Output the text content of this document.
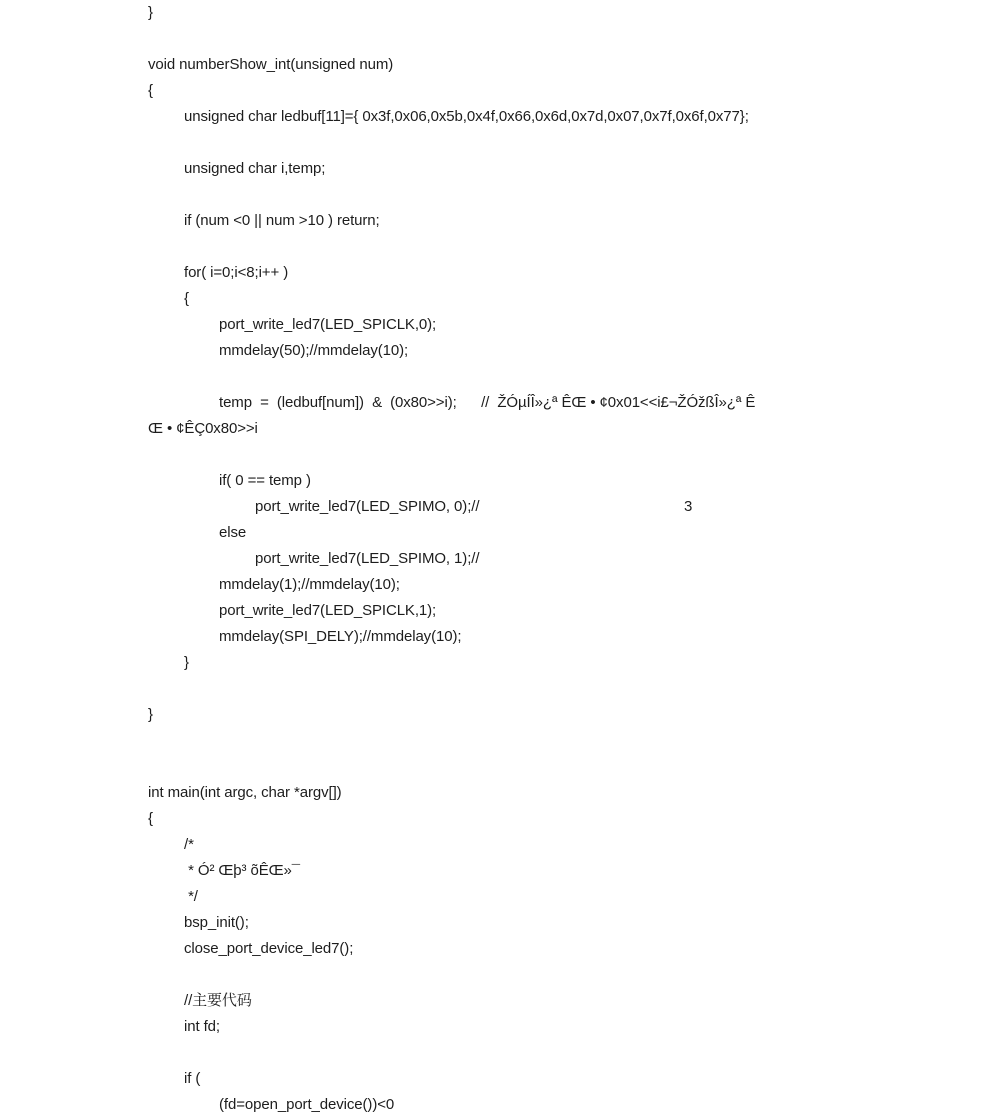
}
void numberShow_int(unsigned num)
{
unsigned char ledbuf[11]={ 0x3f,0x06,0x5b,0x4f,0x66,0x6d,0x7d,0x07,0x7f,0x6f,0x77};
unsigned char i,temp;
if (num <0 || num >10 ) return;
for( i=0;i<8;i++ )
{
port_write_led7(LED_SPICLK,0);
mmdelay(50);//mmdelay(10);
temp  =  (ledbuf[num])  &  (0x80>>i);      //  ŽÓµÍÎ»¿ª ÊŒ • ¢0x01<<i£¬ŽÓžßÎ»¿ª Ê
Œ • ¢ÊÇ0x80>>i
if( 0 == temp )
port_write_led7(LED_SPIMO, 0);//	3
else
port_write_led7(LED_SPIMO, 1);//
mmdelay(1);//mmdelay(10);
port_write_led7(LED_SPICLK,1);
mmdelay(SPI_DELY);//mmdelay(10);
}
}
int main(int argc, char *argv[])
{
/*
* Ó² Œþ³ õÊŒ»¯
*/
bsp_init();
close_port_device_led7();
//主要代码
int fd;
if (
(fd=open_port_device())<0
